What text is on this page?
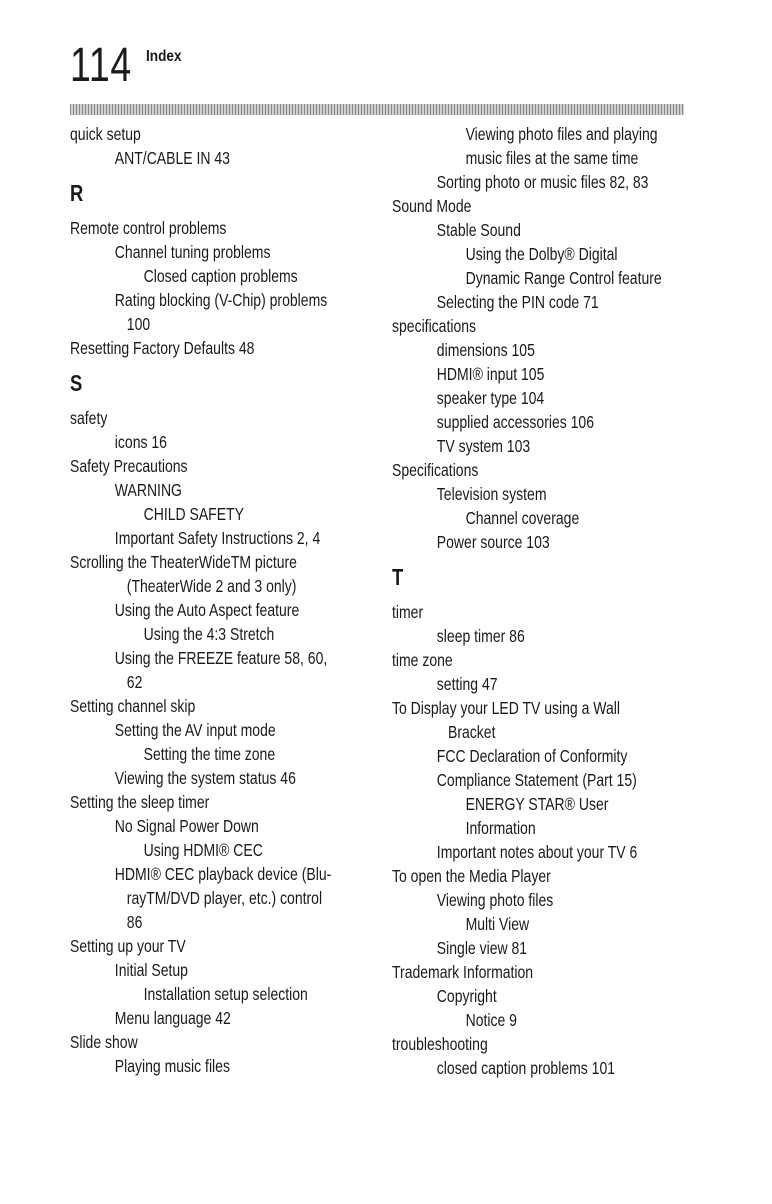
114 Index
quick setup
ANT/CABLE IN 43
R
Remote control problems
Channel tuning problems
Closed caption problems
Rating blocking (V-Chip) problems
100
Resetting Factory Defaults 48
S
safety
icons 16
Safety Precautions
WARNING
CHILD SAFETY
Important Safety Instructions 2, 4
Scrolling the TheaterWideTM picture
(TheaterWide 2 and 3 only)
Using the Auto Aspect feature
Using the 4:3 Stretch
Using the FREEZE feature 58, 60,
62
Setting channel skip
Setting the AV input mode
Setting the time zone
Viewing the system status 46
Setting the sleep timer
No Signal Power Down
Using HDMI® CEC
HDMI® CEC playback device (Blu-
rayTM/DVD player, etc.) control
86
Setting up your TV
Initial Setup
Installation setup selection
Menu language 42
Slide show
Playing music files
Viewing photo files and playing
music files at the same time
Sorting photo or music files 82, 83
Sound Mode
Stable Sound
Using the Dolby® Digital
Dynamic Range Control feature
Selecting the PIN code 71
specifications
dimensions 105
HDMI® input 105
speaker type 104
supplied accessories 106
TV system 103
Specifications
Television system
Channel coverage
Power source 103
T
timer
sleep timer 86
time zone
setting 47
To Display your LED TV using a Wall
Bracket
FCC Declaration of Conformity
Compliance Statement (Part 15)
ENERGY STAR® User
Information
Important notes about your TV 6
To open the Media Player
Viewing photo files
Multi View
Single view 81
Trademark Information
Copyright
Notice 9
troubleshooting
closed caption problems 101
